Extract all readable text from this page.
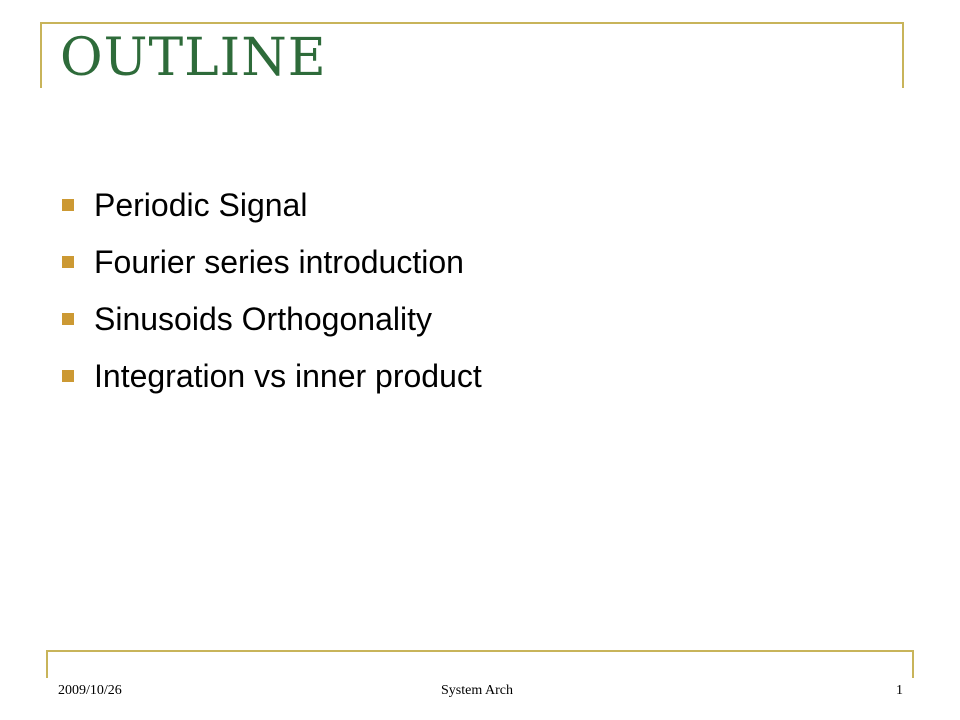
OUTLINE
Periodic Signal
Fourier series introduction
Sinusoids Orthogonality
Integration vs inner product
2009/10/26	System Arch	1
